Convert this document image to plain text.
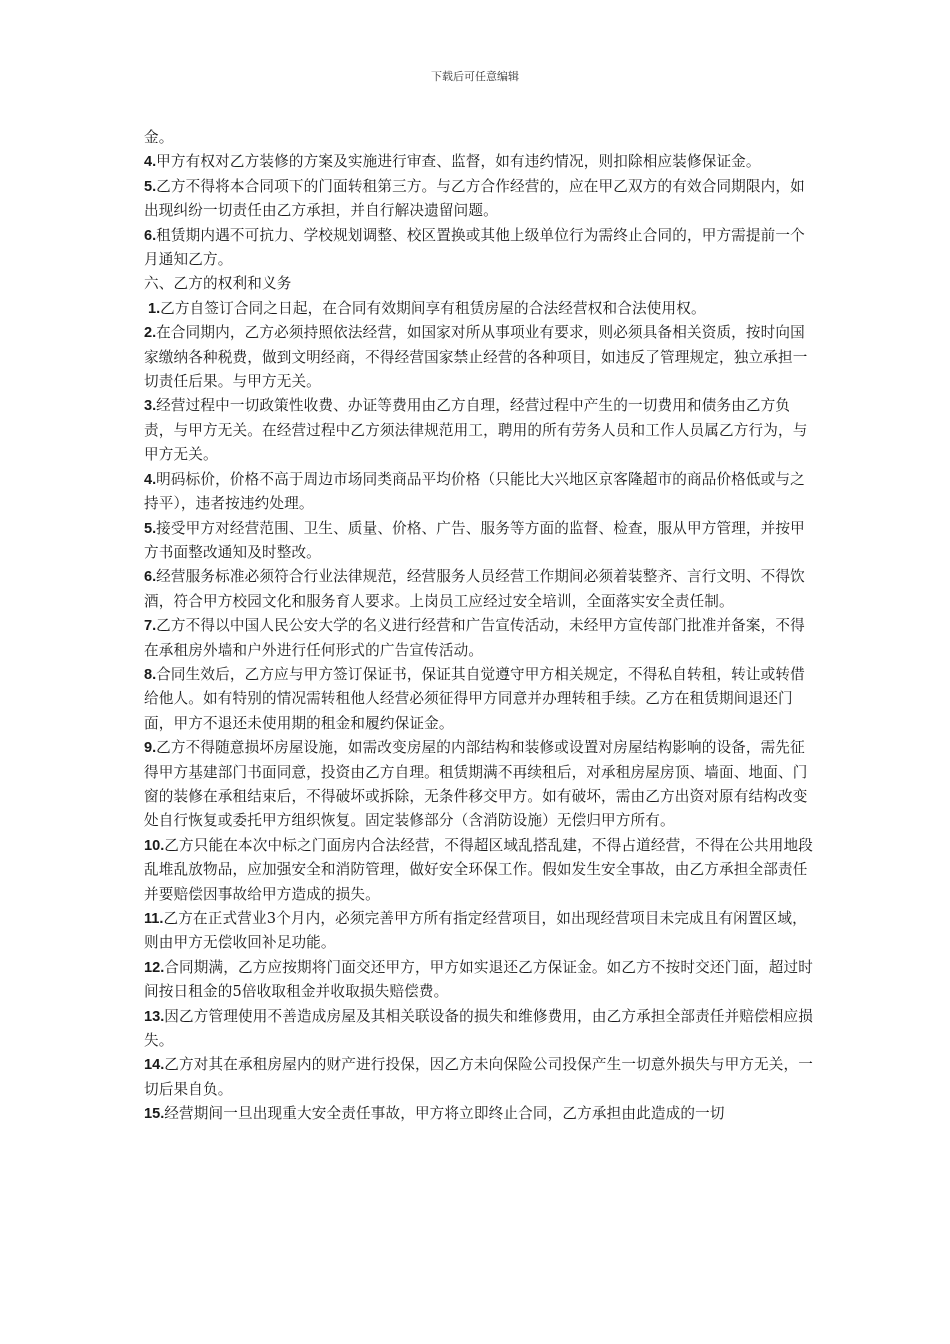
下载后可任意编辑

金。

4.甲方有权对乙方装修的方案及实施进行审查、监督，如有违约情况，则扣除相应装修保证金。

5.乙方不得将本合同项下的门面转租第三方。与乙方合作经营的，应在甲乙双方的有效合同期限内，如出现纠纷一切责任由乙方承担，并自行解决遗留问题。

6.租赁期内遇不可抗力、学校规划调整、校区置换或其他上级单位行为需终止合同的，甲方需提前一个月通知乙方。

六、乙方的权利和义务

1.乙方自签订合同之日起，在合同有效期间享有租赁房屋的合法经营权和合法使用权。

2.在合同期内，乙方必须持照依法经营，如国家对所从事项业有要求，则必须具备相关资质，按时向国家缴纳各种税费，做到文明经商，不得经营国家禁止经营的各种项目，如违反了管理规定，独立承担一切责任后果。与甲方无关。

3.经营过程中一切政策性收费、办证等费用由乙方自理，经营过程中产生的一切费用和债务由乙方负责，与甲方无关。在经营过程中乙方须法律规范用工，聘用的所有劳务人员和工作人员属乙方行为，与甲方无关。

4.明码标价，价格不高于周边市场同类商品平均价格（只能比大兴地区京客隆超市的商品价格低或与之持平），违者按违约处理。

5.接受甲方对经营范围、卫生、质量、价格、广告、服务等方面的监督、检查，服从甲方管理，并按甲方书面整改通知及时整改。

6.经营服务标准必须符合行业法律规范，经营服务人员经营工作期间必须着装整齐、言行文明、不得饮酒，符合甲方校园文化和服务育人要求。上岗员工应经过安全培训，全面落实安全责任制。

7.乙方不得以中国人民公安大学的名义进行经营和广告宣传活动，未经甲方宣传部门批准并备案，不得在承租房外墙和户外进行任何形式的广告宣传活动。

8.合同生效后，乙方应与甲方签订保证书，保证其自觉遵守甲方相关规定，不得私自转租，转让或转借给他人。如有特别的情况需转租他人经营必须征得甲方同意并办理转租手续。乙方在租赁期间退还门面，甲方不退还未使用期的租金和履约保证金。

9.乙方不得随意损坏房屋设施，如需改变房屋的内部结构和装修或设置对房屋结构影响的设备，需先征得甲方基建部门书面同意，投资由乙方自理。租赁期满不再续租后，对承租房屋房顶、墙面、地面、门窗的装修在承租结束后，不得破坏或拆除，无条件移交甲方。如有破坏，需由乙方出资对原有结构改变处自行恢复或委托甲方组织恢复。固定装修部分（含消防设施）无偿归甲方所有。

10.乙方只能在本次中标之门面房内合法经营，不得超区域乱搭乱建，不得占道经营，不得在公共用地段乱堆乱放物品，应加强安全和消防管理，做好安全环保工作。假如发生安全事故，由乙方承担全部责任并要赔偿因事故给甲方造成的损失。

11.乙方在正式营业3个月内，必须完善甲方所有指定经营项目，如出现经营项目未完成且有闲置区域，则由甲方无偿收回补足功能。

12.合同期满，乙方应按期将门面交还甲方，甲方如实退还乙方保证金。如乙方不按时交还门面，超过时间按日租金的5倍收取租金并收取损失赔偿费。

13.因乙方管理使用不善造成房屋及其相关联设备的损失和维修费用，由乙方承担全部责任并赔偿相应损失。

14.乙方对其在承租房屋内的财产进行投保，因乙方未向保险公司投保产生一切意外损失与甲方无关，一切后果自负。

15.经营期间一旦出现重大安全责任事故，甲方将立即终止合同，乙方承担由此造成的一切
